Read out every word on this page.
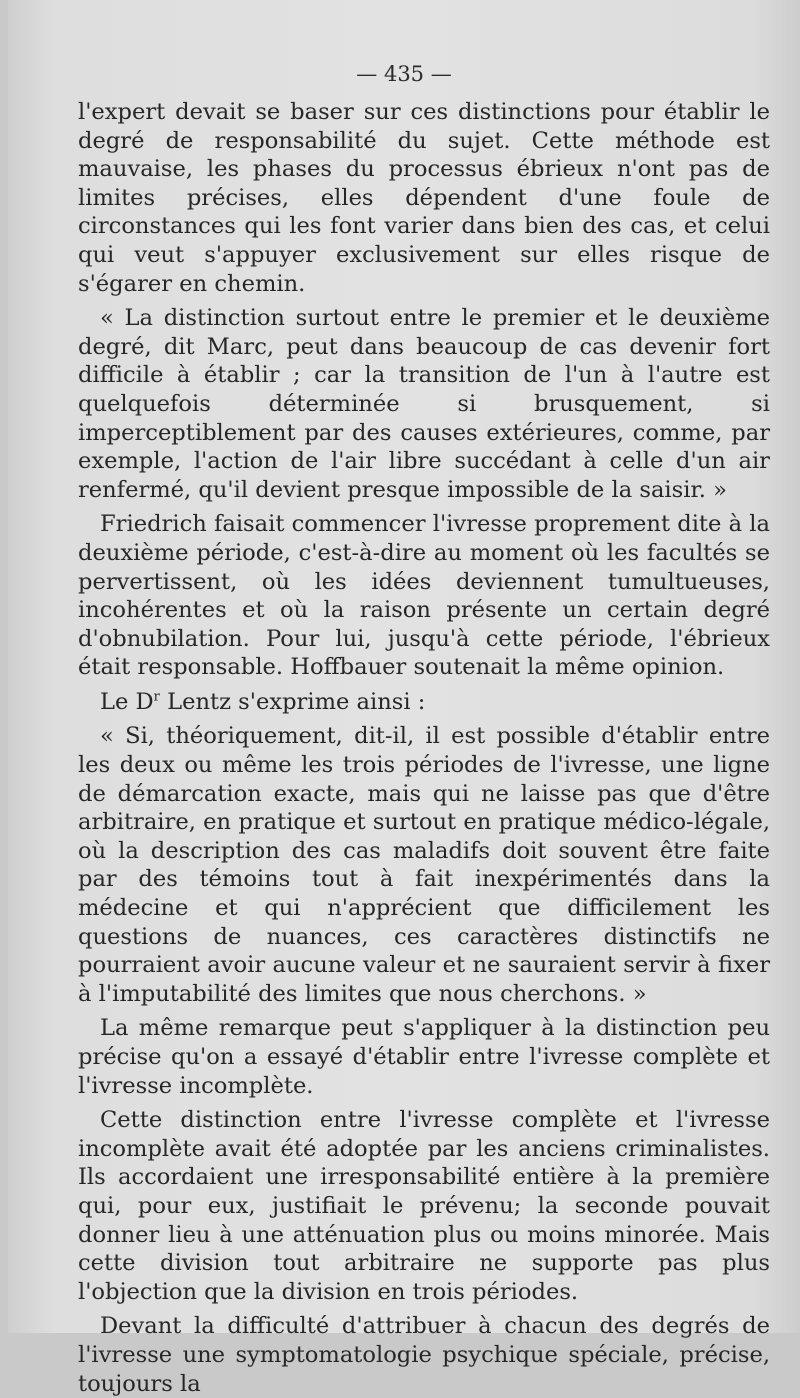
— 435 —

l'expert devait se baser sur ces distinctions pour établir le degré de responsabilité du sujet. Cette méthode est mauvaise, les phases du processus ébrieux n'ont pas de limites précises, elles dépendent d'une foule de circonstances qui les font varier dans bien des cas, et celui qui veut s'appuyer exclusivement sur elles risque de s'égarer en chemin.

« La distinction surtout entre le premier et le deuxième degré, dit Marc, peut dans beaucoup de cas devenir fort difficile à établir ; car la transition de l'un à l'autre est quelquefois déterminée si brusquement, si imperceptiblement par des causes extérieures, comme, par exemple, l'action de l'air libre succédant à celle d'un air renfermé, qu'il devient presque impossible de la saisir. »

Friedrich faisait commencer l'ivresse proprement dite à la deuxième période, c'est-à-dire au moment où les facultés se pervertissent, où les idées deviennent tumultueuses, incohérentes et où la raison présente un certain degré d'obnubilation. Pour lui, jusqu'à cette période, l'ébrieux était responsable. Hoffbauer soutenait la même opinion.

Le $D^r$ Lentz s'exprime ainsi :

« Si, théoriquement, dit-il, il est possible d'établir entre les deux ou même les trois périodes de l'ivresse, une ligne de démarcation exacte, mais qui ne laisse pas que d'être arbitraire, en pratique et surtout en pratique médico-légale, où la description des cas maladifs doit souvent être faite par des témoins tout à fait inexpérimentés dans la médecine et qui n'apprécient que difficilement les questions de nuances, ces caractères distinctifs ne pourraient avoir aucune valeur et ne sauraient servir à fixer à l'imputabilité des limites que nous cherchons. »

La même remarque peut s'appliquer à la distinction peu précise qu'on a essayé d'établir entre l'ivresse complète et l'ivresse incomplète.

Cette distinction entre l'ivresse complète et l'ivresse incomplète avait été adoptée par les anciens criminalistes. Ils accordaient une irresponsabilité entière à la première qui, pour eux, justifiait le prévenu; la seconde pouvait donner lieu à une atténuation plus ou moins minorée. Mais cette division tout arbitraire ne supporte pas plus l'objection que la division en trois périodes.

Devant la difficulté d'attribuer à chacun des degrés de l'ivresse une symptomatologie psychique spéciale, précise, toujours la
